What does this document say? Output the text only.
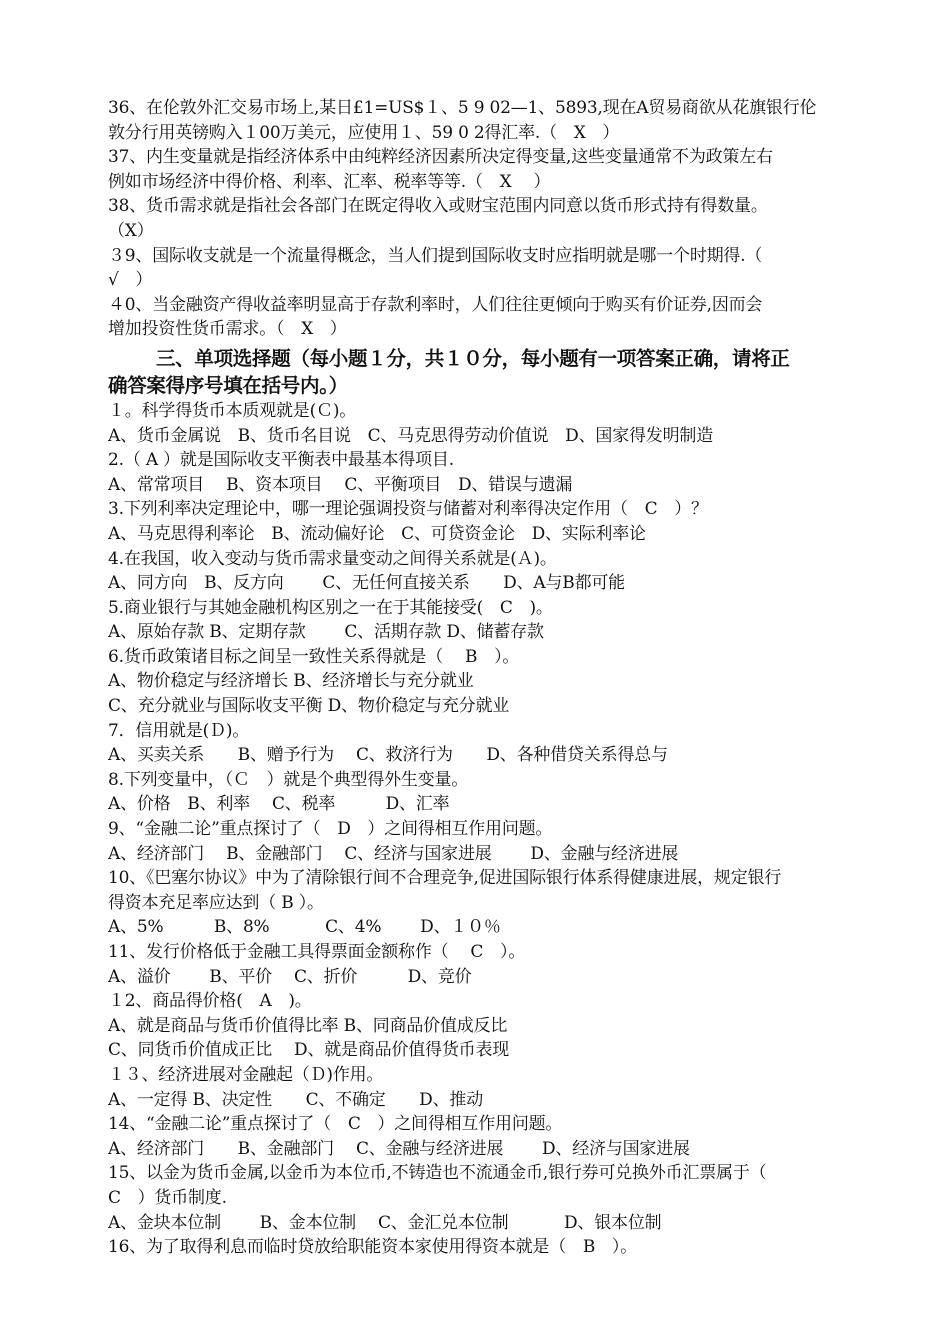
36、在伦敦外汇交易市场上,某日£1=US$１、5 9 02—1、5893,现在A贸易商欲从花旗银行伦
敦分行用英镑购入１00万美元，应使用１、59 0 2得汇率.（　X　）
37、内生变量就是指经济体系中由纯粹经济因素所决定得变量,这些变量通常不为政策左右
例如市场经济中得价格、利率、汇率、税率等等.（　X　 ）
38、货币需求就是指社会各部门在既定得收入或财宝范围内同意以货币形式持有得数量。
（X）
３9、国际收支就是一个流量得概念，当人们提到国际收支时应指明就是哪一个时期得.（
√　）
４0、当金融资产得收益率明显高于存款利率时，人们往往更倾向于购买有价证券,因而会
增加投资性货币需求。（　X　）
三、单项选择题（每小题１分，共１０分，每小题有一项答案正确，请将正
确答案得序号填在括号内。）
１。科学得货币本质观就是(Ｃ)。
A、货币金属说　B、货币名目说　C、马克思得劳动价值说　D、国家得发明制造
2.（ A ）就是国际收支平衡表中最基本得项目.
A、常常项目　 B、资本项目　 C、平衡项目　D、错误与遗漏
3.下列利率决定理论中，哪一理论强调投资与储蓄对利率得决定作用（　C　）？
A、马克思得利率论　B、流动偏好论　C、可贷资金论　D、实际利率论
4.在我国，收入变动与货币需求量变动之间得关系就是(Ａ)。
A、同方向　B、反方向　　 C、无任何直接关系　　D、A与B都可能
5.商业银行与其她金融机构区别之一在于其能接受(　C　)。
A、原始存款 B、定期存款　　 C、活期存款 D、储蓄存款
6.货币政策诸目标之间呈一致性关系得就是（　 B　）。
A、物价稳定与经济增长 B、经济增长与充分就业
C、充分就业与国际收支平衡 D、物价稳定与充分就业
7．信用就是(Ｄ)。
A、买卖关系　　B、赠予行为　 C、救济行为　　D、各种借贷关系得总与
8.下列变量中，（Ｃ　）就是个典型得外生变量。
A、价格　B、利率　 C、税率　　　D、汇率
9、“金融二论”重点探讨了（　D　）之间得相互作用问题。
A、经济部门　 B、金融部门　 C、经济与国家进展　　 D、金融与经济进展
10、《巴塞尔协议》中为了清除银行间不合理竞争,促进国际银行体系得健康进展，规定银行
得资本充足率应达到（ B ）。
A、5%　　　B、8%　　　 C、4%　　 D、１０％
11、发行价格低于金融工具得票面金额称作（　 C　）。
A、溢价　　 B、平价　 C、折价　　　D、竞价
１2、商品得价格(　A　)。
A、就是商品与货币价值得比率 B、同商品价值成反比
C、同货币价值成正比　 D、就是商品价值得货币表现
１３、经济进展对金融起（Ｄ)作用。
A、一定得 B、决定性　　C、不确定　　D、推动
14、“金融二论”重点探讨了（　C　）之间得相互作用问题。
A、经济部门　　B、金融部门　 C、金融与经济进展　　 D、经济与国家进展
15、以金为货币金属,以金币为本位币,不铸造也不流通金币,银行券可兑换外币汇票属于（
C　）货币制度.
A、金块本位制　　 B、金本位制　 C、金汇兑本位制　　　 D、银本位制
16、为了取得利息而临时贷放给职能资本家使用得资本就是（　B　）。
